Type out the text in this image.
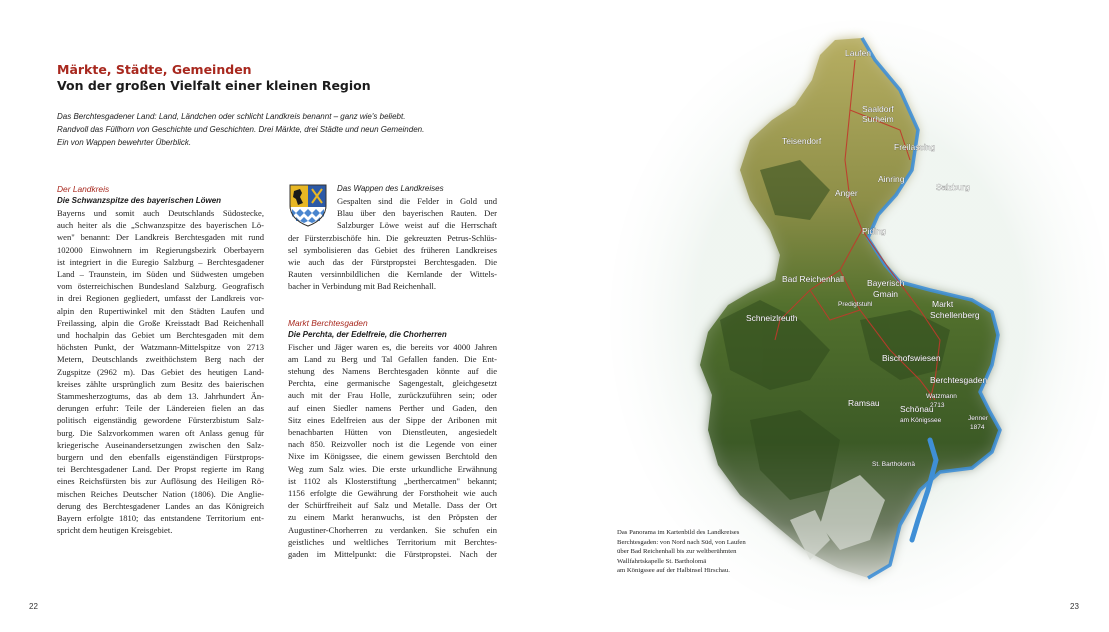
Märkte, Städte, Gemeinden
Von der großen Vielfalt einer kleinen Region
Das Berchtesgadener Land: Land, Ländchen oder schlicht Landkreis benannt – ganz wie's beliebt.
Randvoll das Füllhorn von Geschichte und Geschichten. Drei Märkte, drei Städte und neun Gemeinden.
Ein von Wappen bewehrter Überblick.
Der Landkreis
Die Schwanzspitze des bayerischen Löwen
Bayerns und somit auch Deutschlands Südostecke,
auch heiter als die „Schwanzspitze des bayerischen Lö-
wen" benannt: Der Landkreis Berchtesgaden mit rund
102000 Einwohnern im Regierungsbezirk Oberbayern
ist integriert in die Euregio Salzburg – Berchtesgadener
Land – Traunstein, im Süden und Südwesten umgeben
vom österreichischen Bundesland Salzburg. Geografisch
in drei Regionen gegliedert, umfasst der Landkreis vor-
alpin den Rupertiwinkel mit den Städten Laufen und
Freilassing, alpin die Große Kreisstadt Bad Reichenhall
und hochalpin das Gebiet um Berchtesgaden mit dem
höchsten Punkt, der Watzmann-Mittelspitze von 2713
Metern, Deutschlands zweithöchstem Berg nach der
Zugspitze (2962 m). Das Gebiet des heutigen Land-
kreises zählte ursprünglich zum Besitz des baierischen
Stammesherzogtums, das ab dem 13. Jahrhundert Än-
derungen erfuhr: Teile der Ländereien fielen an das
politisch eigenständig gewordene Fürsterzbistum Salz-
burg. Die Salzvorkommen waren oft Anlass genug für
kriegerische Auseinandersetzungen zwischen den Salz-
burgern und den ebenfalls eigenständigen Fürstprops-
tei Berchtesgadener Land. Der Propst regierte im Rang
eines Reichsfürsten bis zur Auflösung des Heiligen Rö-
mischen Reiches Deutscher Nation (1806). Die Anglie-
derung des Berchtesgadener Landes an das Königreich
Bayern erfolgte 1810; das entstandene Territorium ent-
spricht dem heutigen Kreisgebiet.
Das Wappen des Landkreises
Gespalten sind die Felder in Gold und
Blau über den bayerischen Rauten. Der
Salzburger Löwe weist auf die Herrschaft
der Fürsterzbischöfe hin. Die gekreuzten Petrus-Schlüs-
sel symbolisieren das Gebiet des früheren Landkreises
wie auch das der Fürstpropstei Berchtesgaden. Die
Rauten versinnbildlichen die Kernlande der Wittels-
bacher in Verbindung mit Bad Reichenhall.
Markt Berchtesgaden
Die Perchta, der Edelfreie, die Chorherren
Fischer und Jäger waren es, die bereits vor 4000 Jahren
am Land zu Berg und Tal Gefallen fanden. Die Ent-
stehung des Namens Berchtesgaden könnte auf die
Perchta, eine germanische Sagengestalt, gleichgesetzt
auch mit der Frau Holle, zurückzuführen sein; oder
auf einen Siedler namens Perther und Gaden, den
Sitz eines Edelfreien aus der Sippe der Aribonen mit
benachbarten Hütten von Dienstleuten, angesiedelt
nach 850. Reizvoller noch ist die Legende von einer
Nixe im Königssee, die einem gewissen Berchtold den
Weg zum Salz wies. Die erste urkundliche Erwähnung
ist 1102 als Klosterstiftung „berthercatmen" bekannt;
1156 erfolgte die Gewährung der Forsthoheit wie auch
der Schürffreiheit auf Salz und Metalle. Dass der Ort
zu einem Markt heranwuchs, ist den Pröpsten der
Augustiner-Chorherren zu verdanken. Sie schufen ein
geistliches und weltliches Territorium mit Berchtes-
gaden im Mittelpunkt: die Fürstpropstei. Nach der
Laufen
Saaldorf
Surheim
Teisendorf
Freilassing
Ainring
Anger
Salzburg
Piding
Bad Reichenhall	Bayerisch
Gmain
Predigtstuhl
Schneizlreuth
Markt
Schellenberg
Bischofswiesen
Berchtesgaden
Ramsau
Schönau
am Königssee
Watzmann
2713
Jenner
1874
St. Bartholomä
Das Panorama im Kartenbild des Landkreises
Berchtesgaden: von Nord nach Süd, von Laufen
über Bad Reichenhall bis zur weltberühmten
Wallfahrtskapelle St. Bartholomä
am Königssee auf der Halbinsel Hirschau.
22	23
